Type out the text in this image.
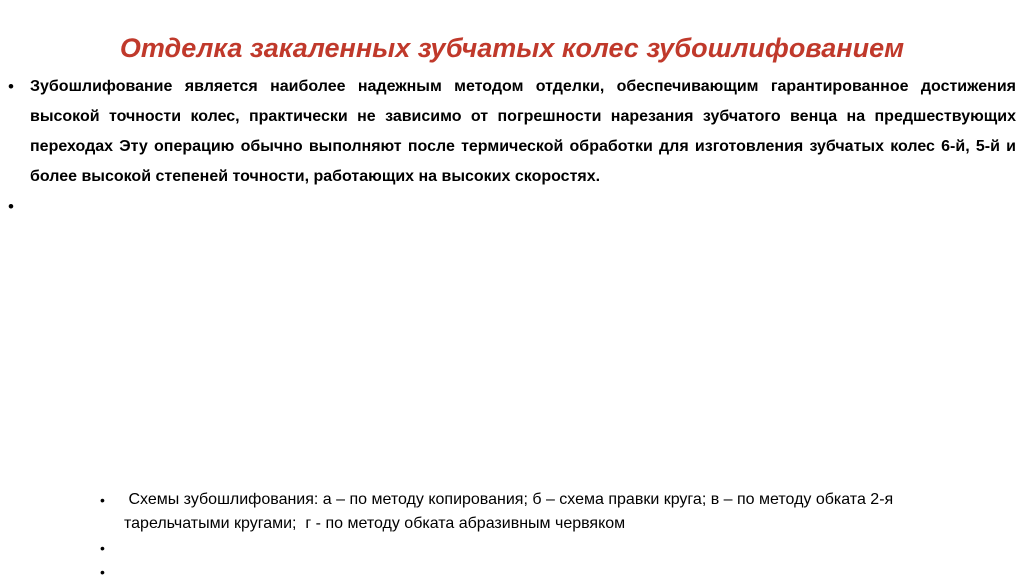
Отделка закаленных зубчатых колес зубошлифованием
•	Зубошлифование является наиболее надежным методом отделки, обеспечивающим гарантированное достижения высокой точности колес, практически не зависимо от погрешности нарезания зубчатого венца на предшествующих переходах Эту операцию обычно выполняют после термической обработки для изготовления зубчатых колес 6-й, 5-й и более высокой степеней точности, работающих на высоких скоростях.

•

•	Схемы зубошлифования: а – по методу копирования; б – схема правки круга; в – по методу обката 2-я тарельчатыми кругами;  г - по методу обката абразивным червяком

•

•
